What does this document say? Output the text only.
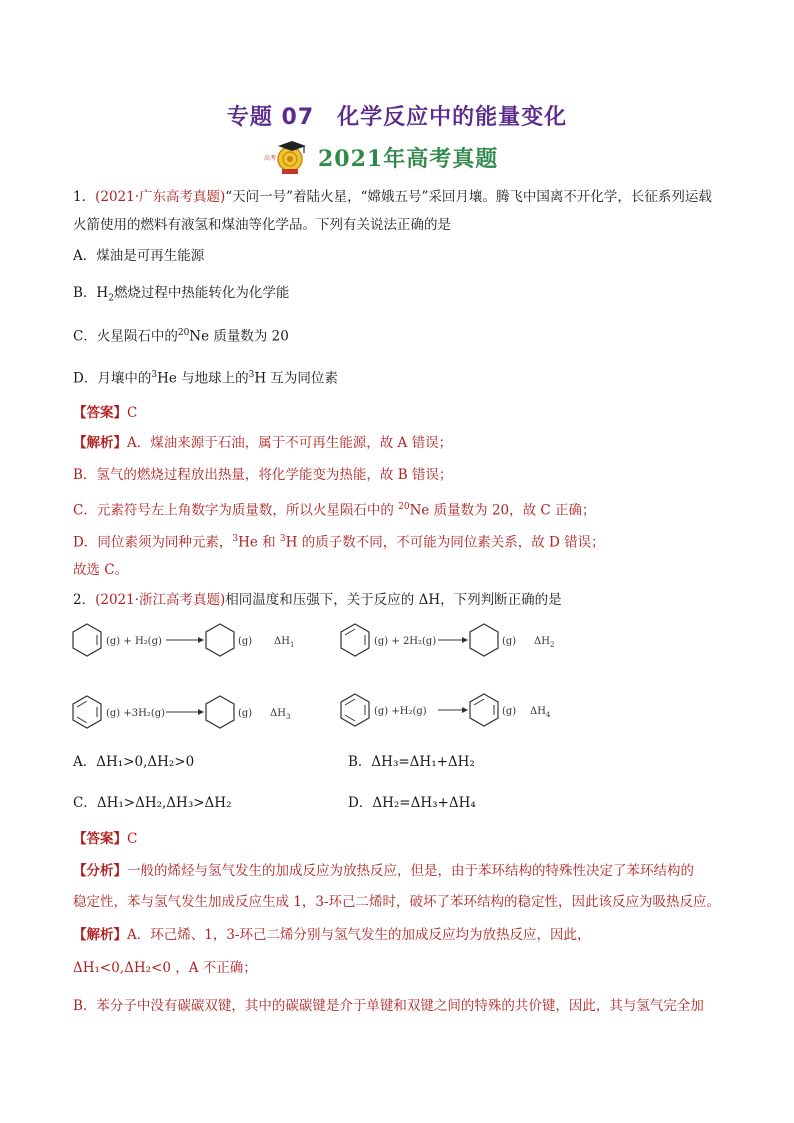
专题 07　化学反应中的能量变化
高考 2021年高考真题
1．(2021·广东高考真题)“天问一号”着陆火星，“嫦娥五号”采回月壤。腾飞中国离不开化学，长征系列运载
火箭使用的燃料有液氢和煤油等化学品。下列有关说法正确的是
A．煤油是可再生能源
B．$H_2$燃烧过程中热能转化为化学能
C．火星陨石中的$^{20}$Ne 质量数为 20
D．月壤中的$^3$He 与地球上的$^3$H 互为同位素
【答案】C
【解析】A．煤油来源于石油，属于不可再生能源，故 A 错误；
B．氢气的燃烧过程放出热量，将化学能变为热能，故 B 错误；
C．元素符号左上角数字为质量数，所以火星陨石中的 $^{20}$Ne 质量数为 20，故 C 正确；
D．同位素须为同种元素，$^3$He 和 $^3$H 的质子数不同，不可能为同位素关系，故 D 错误；
故选 C。
2．(2021·浙江高考真题)相同温度和压强下，关于反应的 ΔH，下列判断正确的是
(g) + H₂(g)	(g) $\Delta H_1$	(g) + 2H₂(g)	(g) $\Delta H_2$
(g) +3H₂(g)	(g) $\Delta H_3$	(g) +H₂(g)	(g) $\Delta H_4$
A．ΔH₁>0,ΔH₂>0	B．ΔH₃=ΔH₁+ΔH₂
C．ΔH₁>ΔH₂,ΔH₃>ΔH₂	D．ΔH₂=ΔH₃+ΔH₄
【答案】C
【分析】一般的烯烃与氢气发生的加成反应为放热反应，但是，由于苯环结构的特殊性决定了苯环结构的
稳定性，苯与氢气发生加成反应生成 1，3-环己二烯时，破坏了苯环结构的稳定性，因此该反应为吸热反应。
【解析】A．环己烯、1，3-环己二烯分别与氢气发生的加成反应均为放热反应，因此，
ΔH₁<0,ΔH₂<0 ，A 不正确；
B．苯分子中没有碳碳双键，其中的碳碳键是介于单键和双键之间的特殊的共价键，因此，其与氢气完全加
